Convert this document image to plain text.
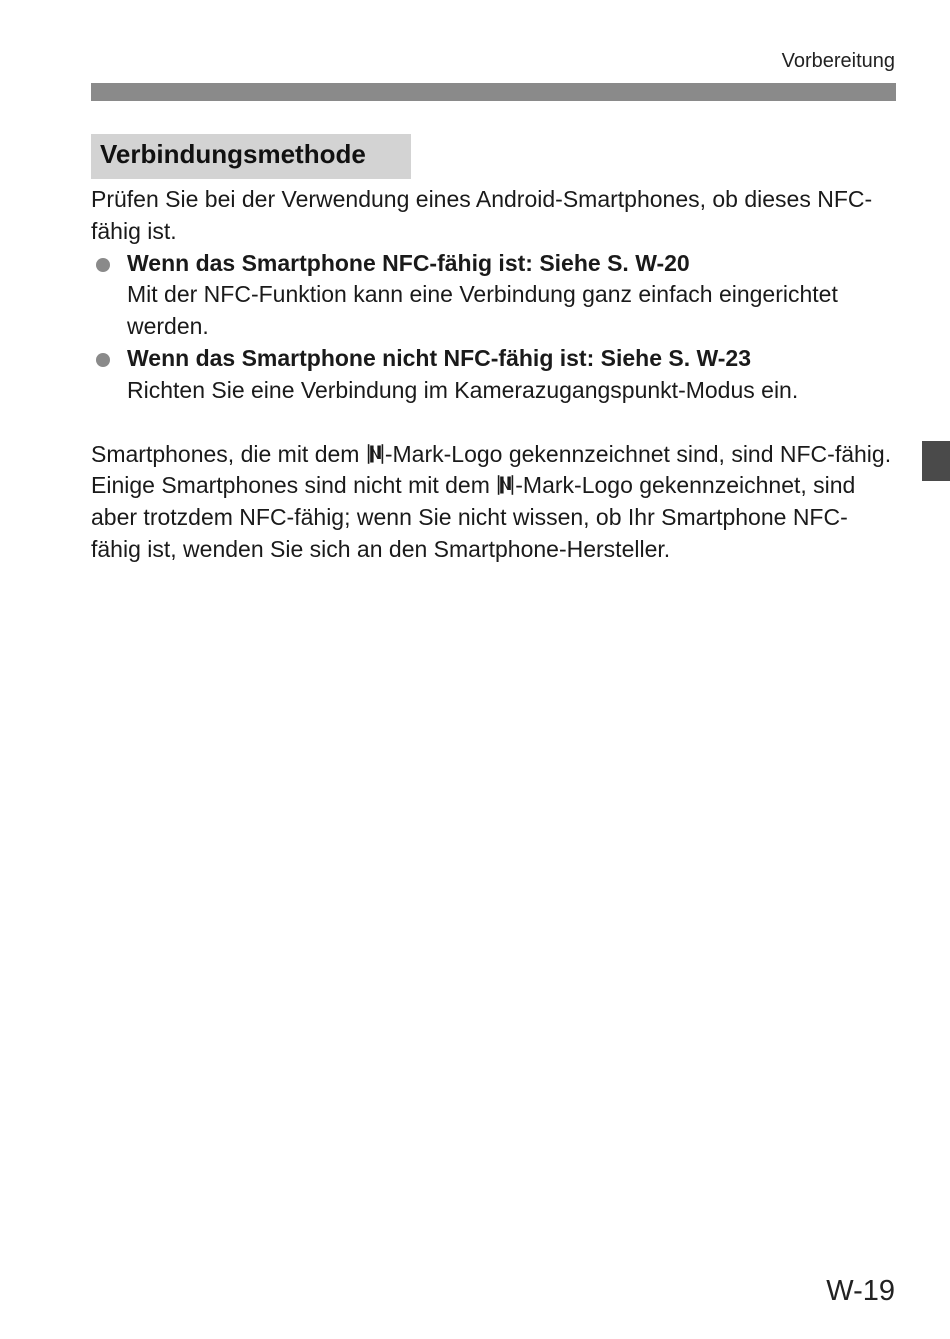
Vorbereitung
Verbindungsmethode

Prüfen Sie bei der Verwendung eines Android-Smartphones, ob dieses NFC-fähig ist.

Wenn das Smartphone NFC-fähig ist: Siehe S. W-20
Mit der NFC-Funktion kann eine Verbindung ganz einfach eingerichtet werden.
Wenn das Smartphone nicht NFC-fähig ist: Siehe S. W-23
Richten Sie eine Verbindung im Kamerazugangspunkt-Modus ein.

Smartphones, die mit dem -Mark-Logo gekennzeichnet sind, sind NFC-fähig. Einige Smartphones sind nicht mit dem -Mark-Logo gekennzeichnet, sind aber trotzdem NFC-fähig; wenn Sie nicht wissen, ob Ihr Smartphone NFC-fähig ist, wenden Sie sich an den Smartphone-Hersteller.

W-19
